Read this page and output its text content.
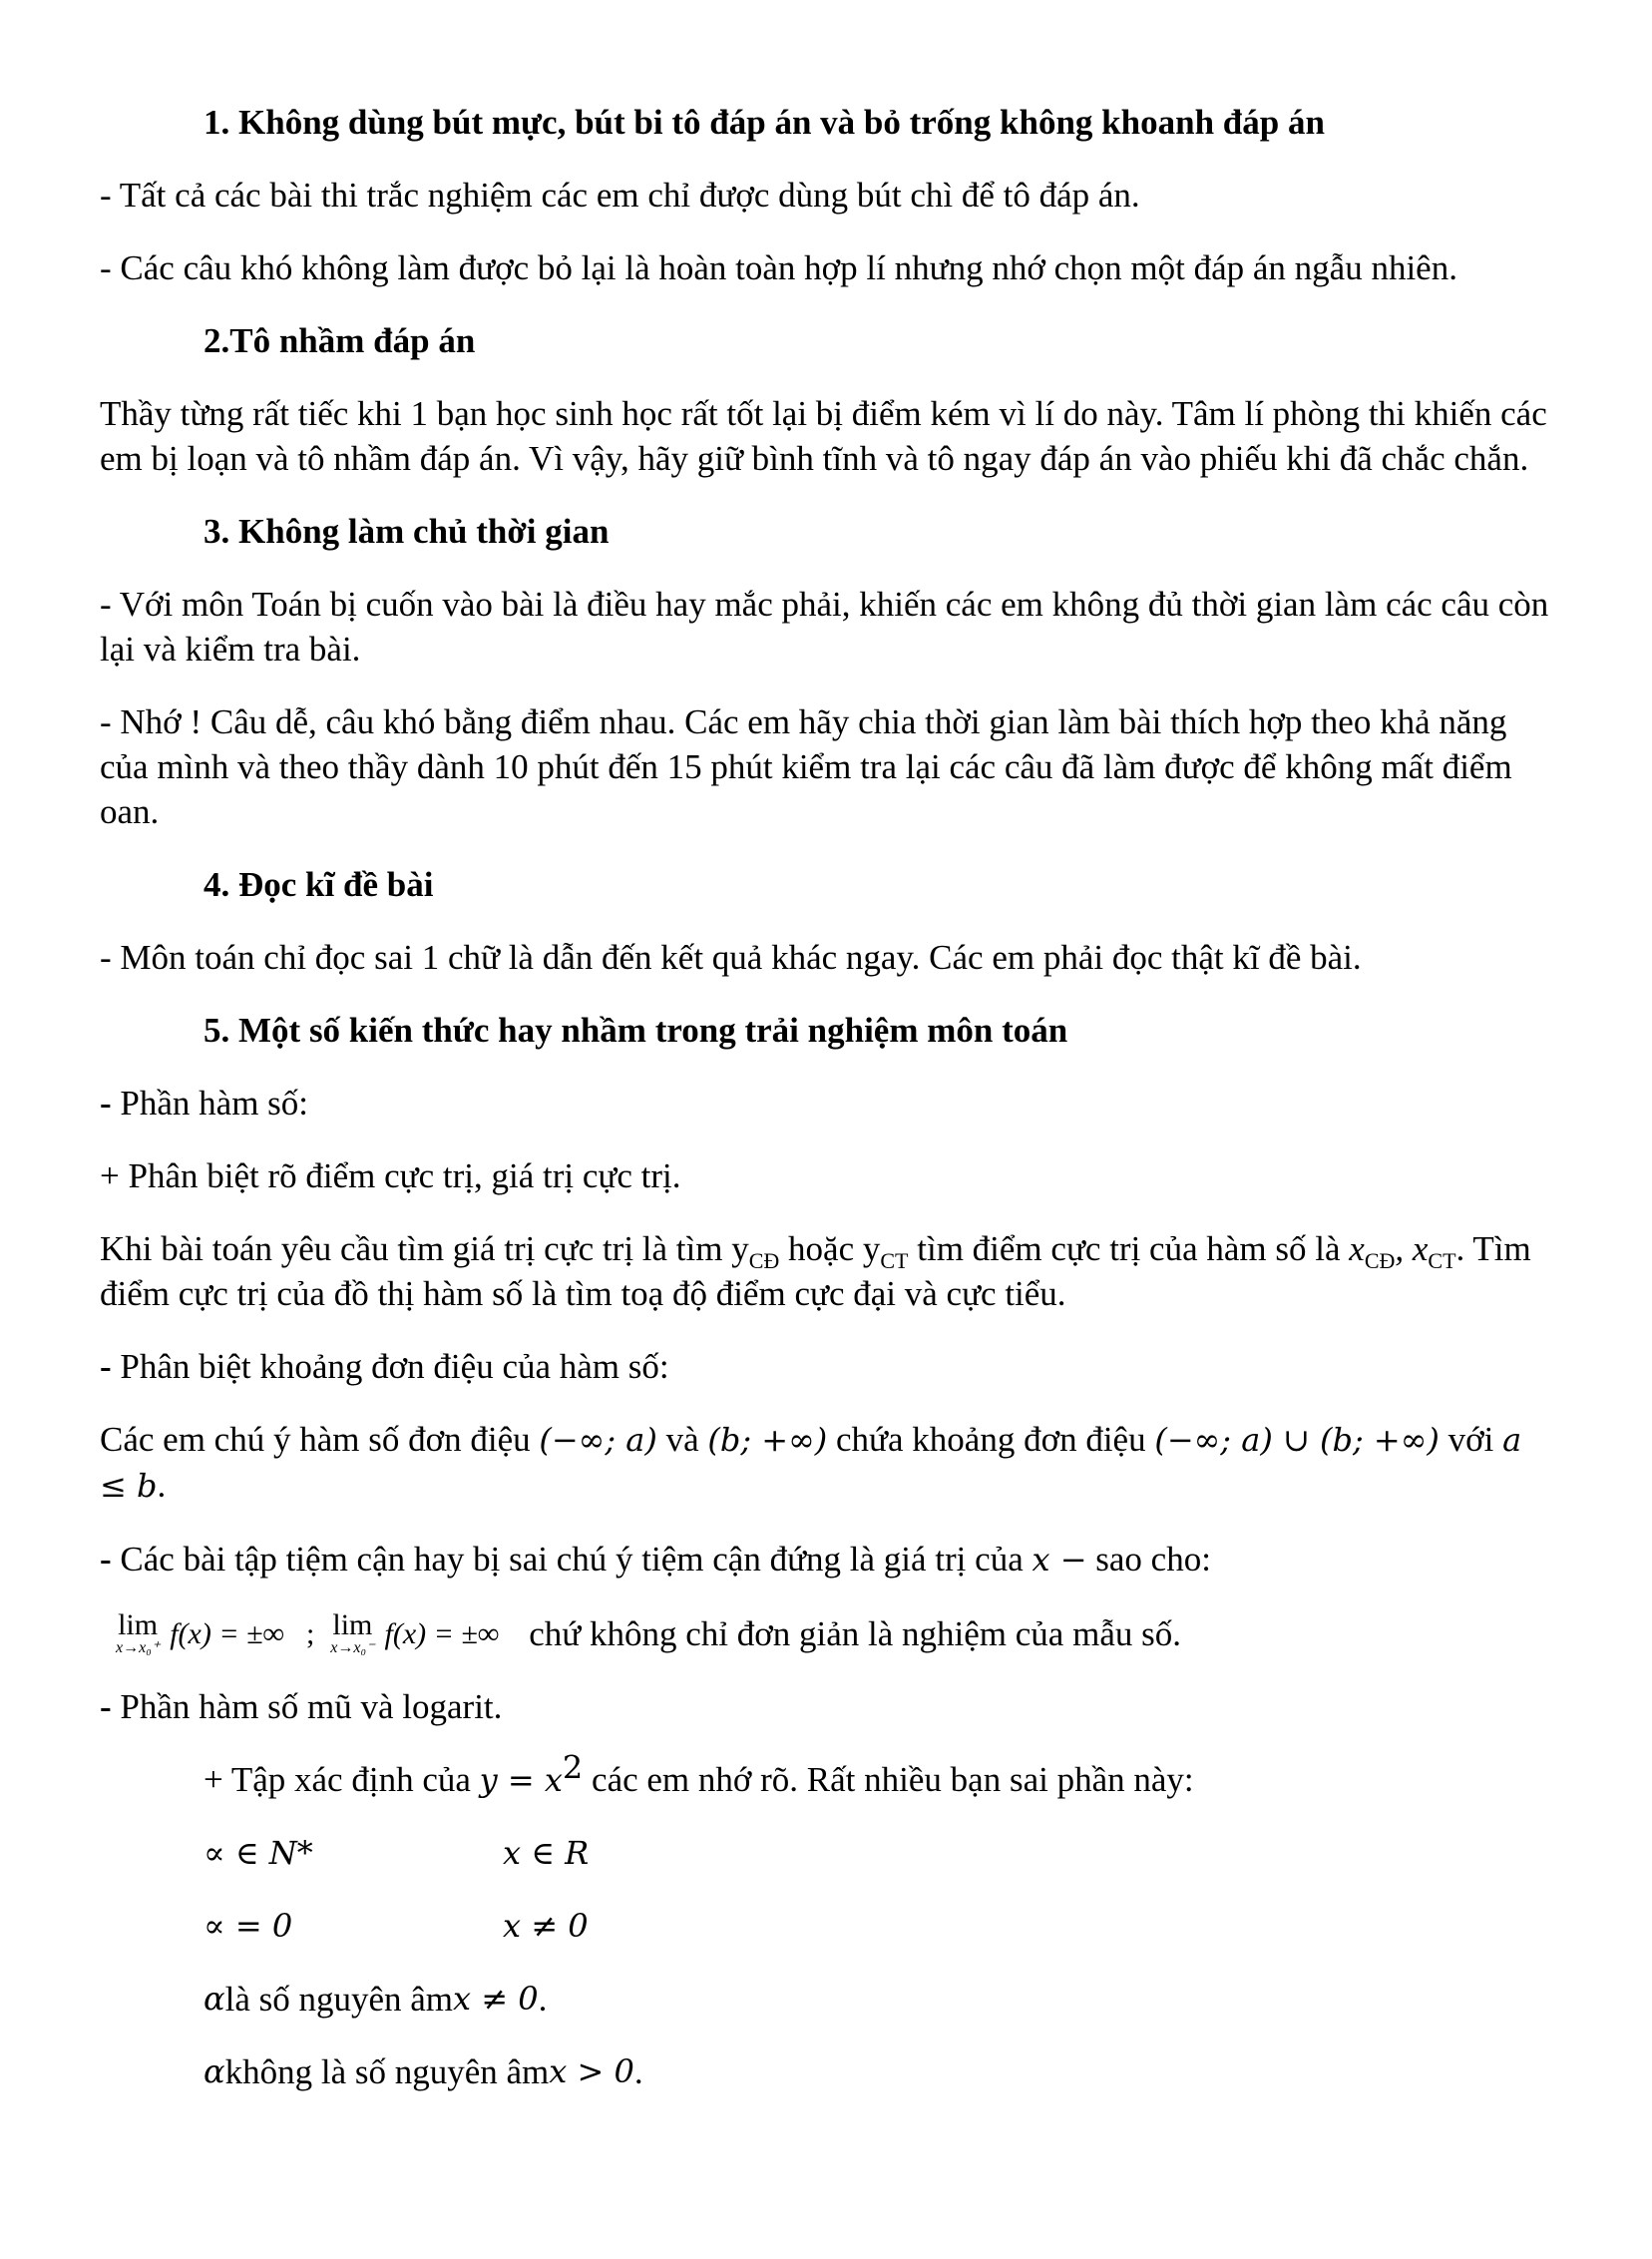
1. Không dùng bút mực, bút bi tô đáp án và bỏ trống không khoanh đáp án
- Tất cả các bài thi trắc nghiệm các em chỉ được dùng bút chì để tô đáp án.
- Các câu khó không làm được bỏ lại là hoàn toàn hợp lí nhưng nhớ chọn một đáp án ngẫu nhiên.
2.Tô nhầm đáp án
Thầy từng rất tiếc khi 1 bạn học sinh học rất tốt lại bị điểm kém vì lí do này. Tâm lí phòng thi khiến các em bị loạn và tô nhầm đáp án. Vì vậy, hãy giữ bình tĩnh và tô ngay đáp án vào phiếu khi đã chắc chắn.
3. Không làm chủ thời gian
- Với môn Toán bị cuốn vào bài là điều hay mắc phải, khiến các em không đủ thời gian làm các câu còn lại và kiểm tra bài.
- Nhớ ! Câu dễ, câu khó bằng điểm nhau. Các em hãy chia thời gian làm bài thích hợp theo khả năng của mình và theo thầy dành 10 phút đến 15 phút kiểm tra lại các câu đã làm được để không mất điểm oan.
4. Đọc kĩ đề bài
- Môn toán chỉ đọc sai 1 chữ là dẫn đến kết quả khác ngay. Các em phải đọc thật kĩ đề bài.
5. Một số kiến thức hay nhầm trong trải nghiệm môn toán
- Phần hàm số:
+ Phân biệt rõ điểm cực trị, giá trị cực trị.
Khi bài toán yêu cầu tìm giá trị cực trị là tìm $y_{CĐ}$ hoặc $y_{CT}$ tìm điểm cực trị của hàm số là $x_{CĐ}$, $x_{CT}$. Tìm điểm cực trị của đồ thị hàm số là tìm toạ độ điểm cực đại và cực tiểu.
- Phân biệt khoảng đơn điệu của hàm số:
Các em chú ý hàm số đơn điệu (−∞; a) và (b; +∞) chứa khoảng đơn điệu (−∞; a) ∪ (b; +∞) với a ≤ b.
- Các bài tập tiệm cận hay bị sai chú ý tiệm cận đứng là giá trị của x − sao cho:
lim
x→x₀⁺ f(x) = ±∞ ; lim
x→x₀⁻ f(x) = ±∞ chứ không chỉ đơn giản là nghiệm của mẫu số.
- Phần hàm số mũ và logarit.
+ Tập xác định của $y = x^2$ các em nhớ rõ. Rất nhiều bạn sai phần này:
∝ ∈ N*	x ∈ R
∝ = 0	x ≠ 0
α là số nguyên âm x ≠ 0 .
α không là số nguyên âm x > 0 .
